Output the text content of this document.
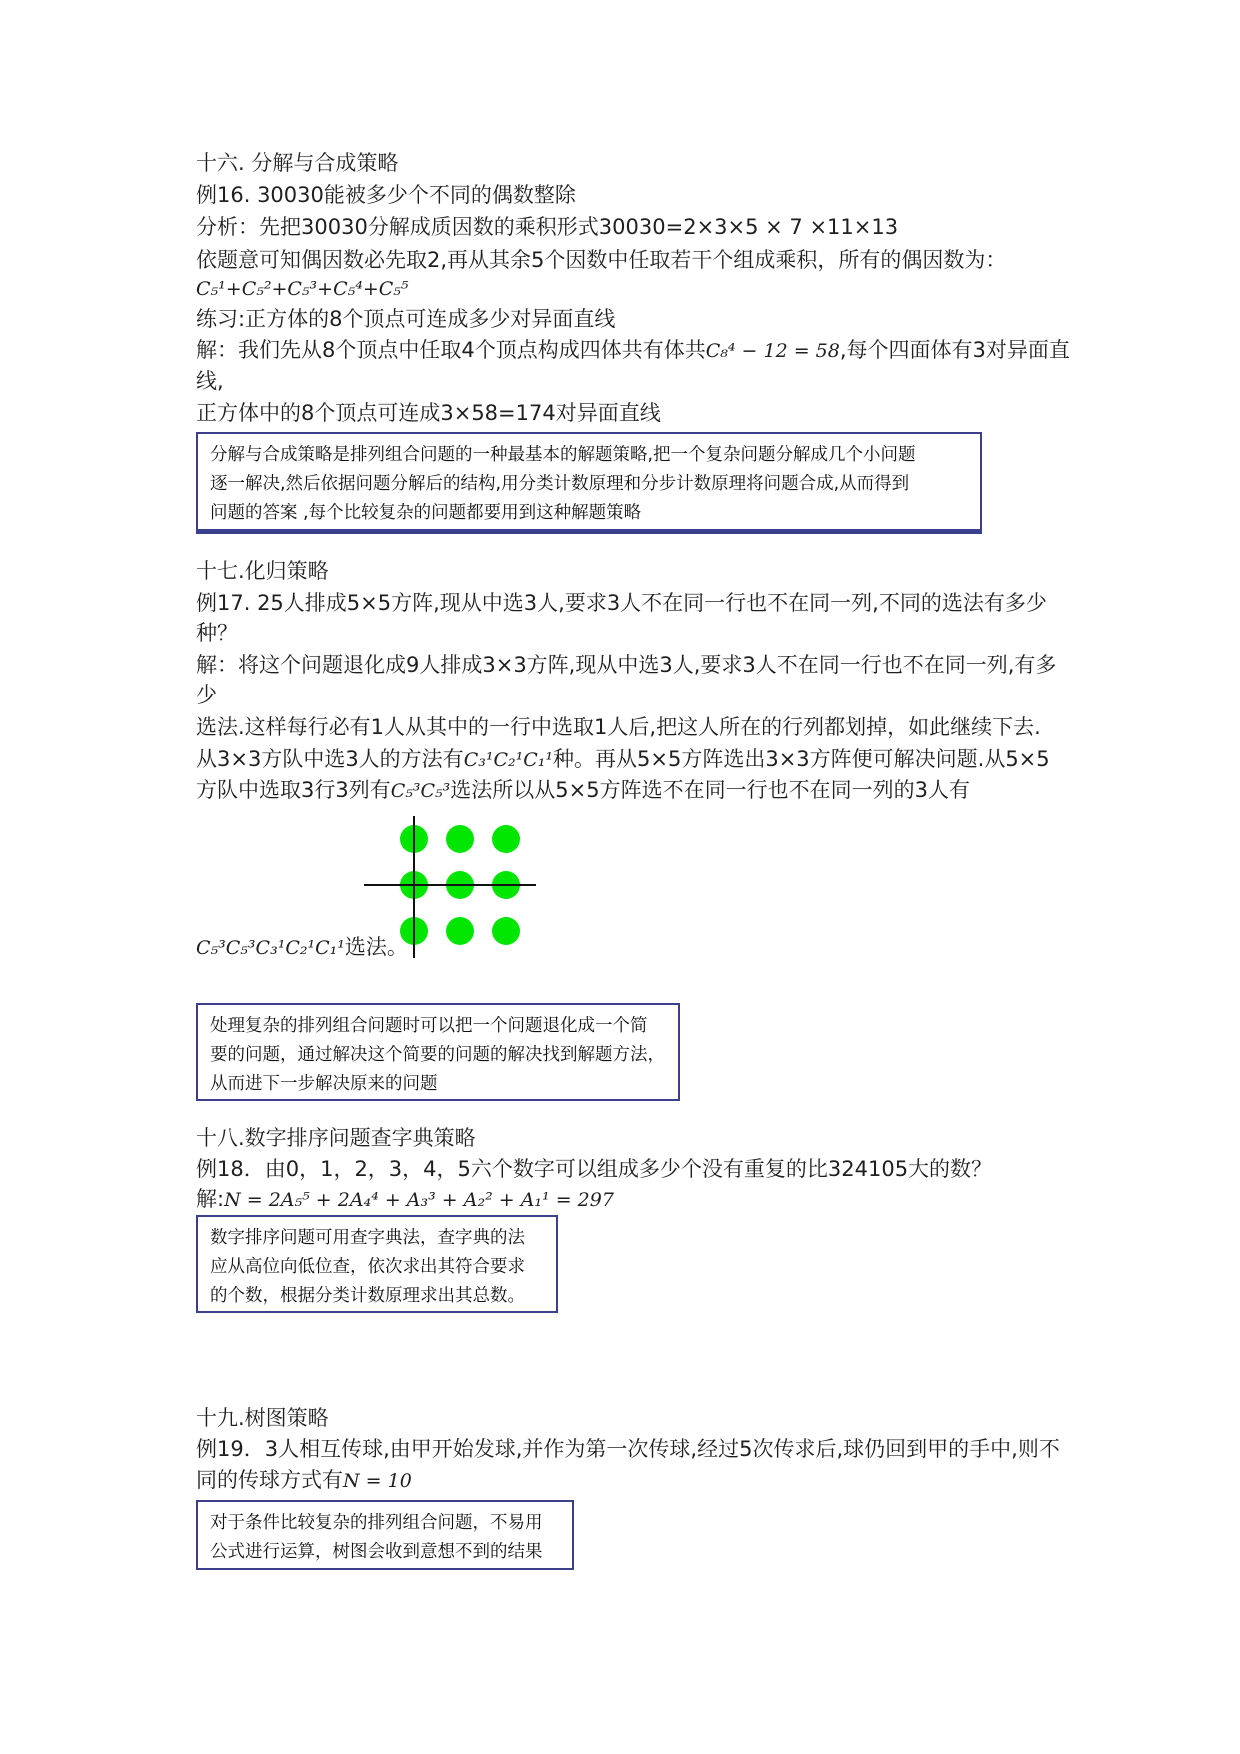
十六. 分解与合成策略
例16. 30030能被多少个不同的偶数整除
分析：先把30030分解成质因数的乘积形式30030=2×3×5 × 7 ×11×13
依题意可知偶因数必先取2,再从其余5个因数中任取若干个组成乘积，所有的偶因数为：
C₅¹+C₅²+C₅³+C₅⁴+C₅⁵
练习:正方体的8个顶点可连成多少对异面直线
解：我们先从8个顶点中任取4个顶点构成四体共有体共C₈⁴ − 12 = 58,每个四面体有3对异面直
线,
正方体中的8个顶点可连成3×58=174对异面直线
分解与合成策略是排列组合问题的一种最基本的解题策略,把一个复杂问题分解成几个小问题
逐一解决,然后依据问题分解后的结构,用分类计数原理和分步计数原理将问题合成,从而得到
问题的答案 ,每个比较复杂的问题都要用到这种解题策略
十七.化归策略
例17. 25人排成5×5方阵,现从中选3人,要求3人不在同一行也不在同一列,不同的选法有多少
种？
解：将这个问题退化成9人排成3×3方阵,现从中选3人,要求3人不在同一行也不在同一列,有多
少
选法.这样每行必有1人从其中的一行中选取1人后,把这人所在的行列都划掉，如此继续下去.
从3×3方队中选3人的方法有C₃¹C₂¹C₁¹种。再从5×5方阵选出3×3方阵便可解决问题.从5×5
方队中选取3行3列有C₅³C₅³选法所以从5×5方阵选不在同一行也不在同一列的3人有
C₅³C₅³C₃¹C₂¹C₁¹选法。
处理复杂的排列组合问题时可以把一个问题退化成一个简
要的问题，通过解决这个简要的问题的解决找到解题方法，
从而进下一步解决原来的问题
十八.数字排序问题查字典策略
例18．由0，1，2，3，4，5六个数字可以组成多少个没有重复的比324105大的数？
解:N = 2A₅⁵ + 2A₄⁴ + A₃³ + A₂² + A₁¹ = 297
数字排序问题可用查字典法，查字典的法
应从高位向低位查，依次求出其符合要求
的个数，根据分类计数原理求出其总数。
十九.树图策略
例19．3人相互传球,由甲开始发球,并作为第一次传球,经过5次传求后,球仍回到甲的手中,则不
同的传球方式有N = 10
对于条件比较复杂的排列组合问题，不易用
公式进行运算，树图会收到意想不到的结果
